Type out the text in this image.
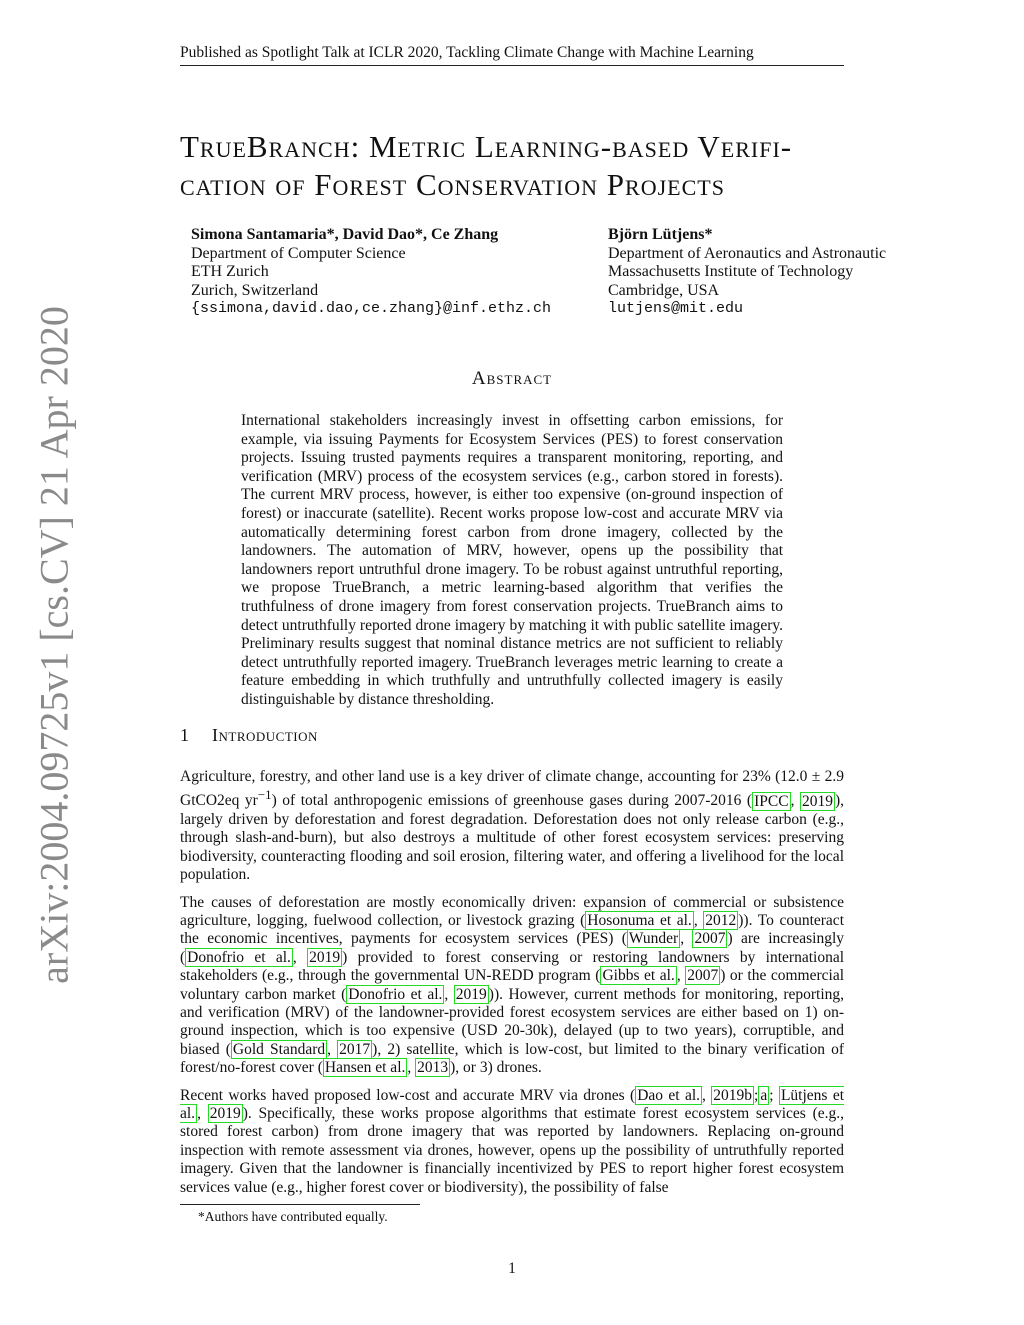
Published as Spotlight Talk at ICLR 2020, Tackling Climate Change with Machine Learning
arXiv:2004.09725v1 [cs.CV] 21 Apr 2020
TrueBranch: Metric Learning-based Verifi-
cation of Forest Conservation Projects
Simona Santamaria*, David Dao*, Ce Zhang
Department of Computer Science
ETH Zurich
Zurich, Switzerland
{ssimona,david.dao,ce.zhang}@inf.ethz.ch
Björn Lütjens*
Department of Aeronautics and Astronautic
Massachusetts Institute of Technology
Cambridge, USA
lutjens@mit.edu
Abstract
International stakeholders increasingly invest in offsetting carbon emissions, for example, via issuing Payments for Ecosystem Services (PES) to forest conservation projects. Issuing trusted payments requires a transparent monitoring, reporting, and verification (MRV) process of the ecosystem services (e.g., carbon stored in forests). The current MRV process, however, is either too expensive (on-ground inspection of forest) or inaccurate (satellite). Recent works propose low-cost and accurate MRV via automatically determining forest carbon from drone imagery, collected by the landowners. The automation of MRV, however, opens up the possibility that landowners report untruthful drone imagery. To be robust against untruthful reporting, we propose TrueBranch, a metric learning-based algorithm that verifies the truthfulness of drone imagery from forest conservation projects. TrueBranch aims to detect untruthfully reported drone imagery by matching it with public satellite imagery. Preliminary results suggest that nominal distance metrics are not sufficient to reliably detect untruthfully reported imagery. TrueBranch leverages metric learning to create a feature embedding in which truthfully and untruthfully collected imagery is easily distinguishable by distance thresholding.
1 Introduction

Agriculture, forestry, and other land use is a key driver of climate change, accounting for 23% (12.0 ± 2.9 GtCO2eq $yr^{-1}$) of total anthropogenic emissions of greenhouse gases during 2007-2016 ( IPCC , 2019 ), largely driven by deforestation and forest degradation. Deforestation does not only release carbon (e.g., through slash-and-burn), but also destroys a multitude of other forest ecosystem services: preserving biodiversity, counteracting flooding and soil erosion, filtering water, and offering a livelihood for the local population.

The causes of deforestation are mostly economically driven: expansion of commercial or subsistence agriculture, logging, fuelwood collection, or livestock grazing ( Hosonuma et al. , 2012 )). To counteract the economic incentives, payments for ecosystem services (PES) ( Wunder , 2007 ) are increasingly ( Donofrio et al. , 2019 ) provided to forest conserving or restoring landowners by international stakeholders (e.g., through the governmental UN-REDD program ( Gibbs et al. , 2007 ) or the commercial voluntary carbon market ( Donofrio et al. , 2019 )). However, current methods for monitoring, reporting, and verification (MRV) of the landowner-provided forest ecosystem services are either based on 1) on-ground inspection, which is too expensive (USD 20-30k), delayed (up to two years), corruptible, and biased ( Gold Standard , 2017 ), 2) satellite, which is low-cost, but limited to the binary verification of forest/no-forest cover ( Hansen et al. , 2013 ), or 3) drones.

Recent works haved proposed low-cost and accurate MRV via drones ( Dao et al. , 2019b ; a ; Lütjens et al. , 2019 ). Specifically, these works propose algorithms that estimate forest ecosystem services (e.g., stored forest carbon) from drone imagery that was reported by landowners. Replacing on-ground inspection with remote assessment via drones, however, opens up the possibility of untruthfully reported imagery. Given that the landowner is financially incentivized by PES to report higher forest ecosystem services value (e.g., higher forest cover or biodiversity), the possibility of false

*Authors have contributed equally.
1
